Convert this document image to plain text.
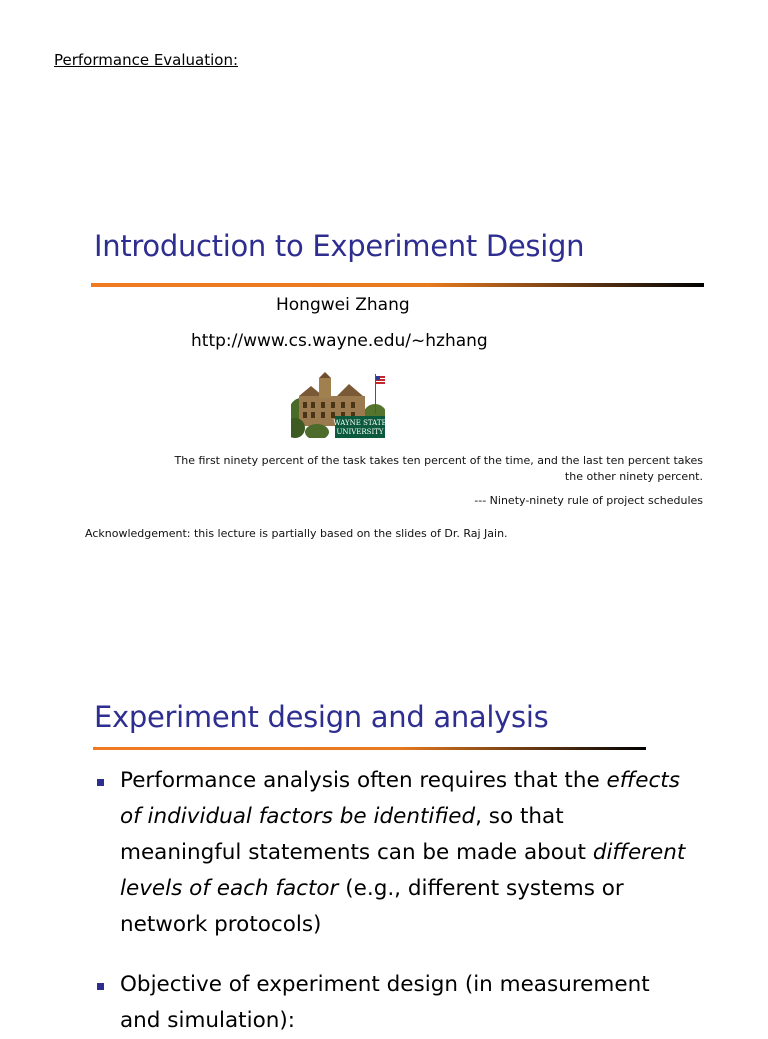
Performance Evaluation:
Introduction to Experiment Design
Hongwei Zhang
http://www.cs.wayne.edu/~hzhang
WAYNE STATE
UNIVERSITY
The first ninety percent of the task takes ten percent of the time, and the last ten percent takes
the other ninety percent.
--- Ninety-ninety rule of project schedules
Acknowledgement: this lecture is partially based on the slides of Dr. Raj Jain.
Experiment design and analysis
Performance analysis often requires that the effects of individual factors be identified, so that meaningful statements can be made about different levels of each factor (e.g., different systems or network protocols)
Objective of experiment design (in measurement and simulation):
